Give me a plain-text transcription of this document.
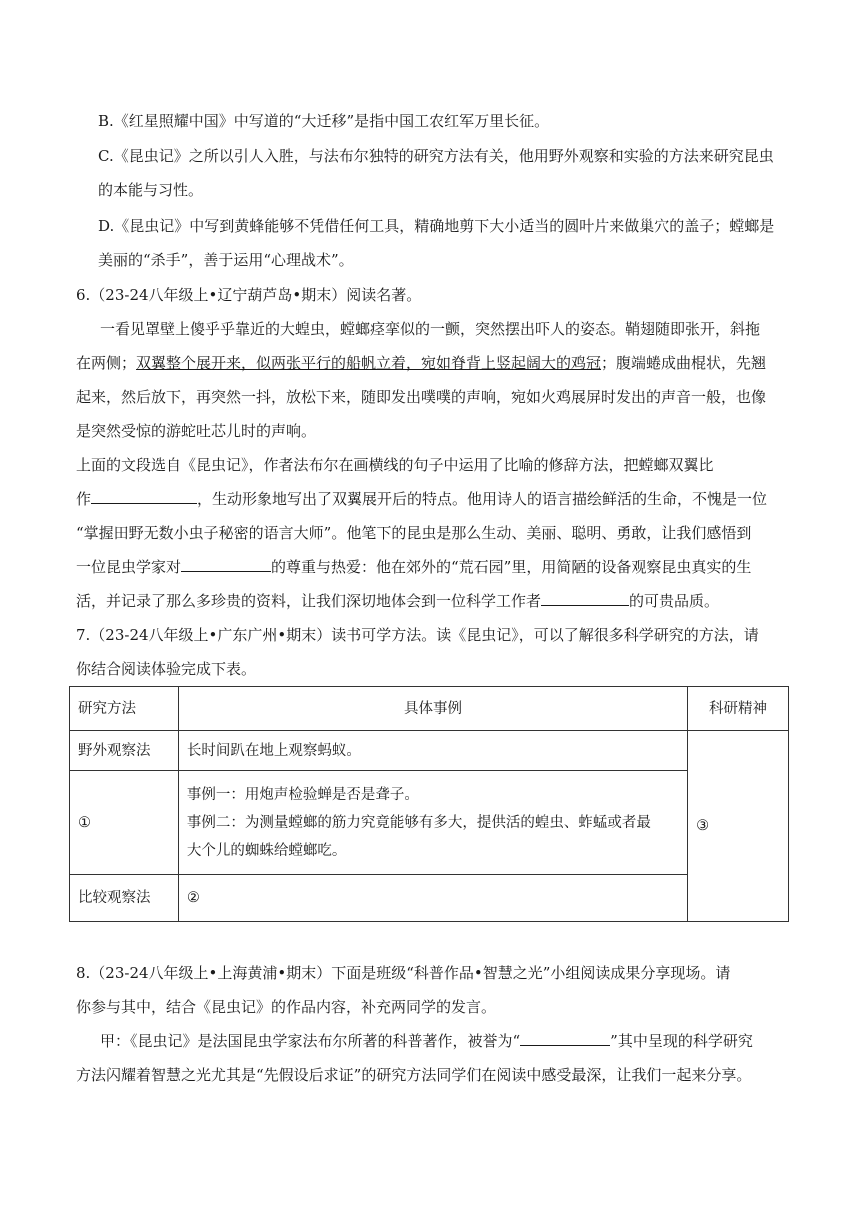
B.《红星照耀中国》中写道的“大迁移”是指中国工农红军万里长征。
C.《昆虫记》之所以引人入胜，与法布尔独特的研究方法有关，他用野外观察和实验的方法来研究昆虫
的本能与习性。
D.《昆虫记》中写到黄蜂能够不凭借任何工具，精确地剪下大小适当的圆叶片来做巢穴的盖子；螳螂是
美丽的“杀手”，善于运用“心理战术”。
6.（23-24八年级上•辽宁葫芦岛•期末）阅读名著。
一看见罩壁上傻乎乎靠近的大蝗虫，螳螂痉挛似的一颤，突然摆出吓人的姿态。鞘翅随即张开，斜拖
在两侧；双翼整个展开来，似两张平行的船帆立着，宛如脊背上竖起阔大的鸡冠；腹端蜷成曲棍状，先翘
起来，然后放下，再突然一抖，放松下来，随即发出噗噗的声响，宛如火鸡展屏时发出的声音一般，也像
是突然受惊的游蛇吐芯儿时的声响。
上面的文段选自《昆虫记》，作者法布尔在画横线的句子中运用了比喻的修辞方法，把螳螂双翼比
作	，生动形象地写出了双翼展开后的特点。他用诗人的语言描绘鲜活的生命，不愧是一位
“掌握田野无数小虫子秘密的语言大师”。他笔下的昆虫是那么生动、美丽、聪明、勇敢，让我们感悟到
一位昆虫学家对	的尊重与热爱：他在郊外的“荒石园”里，用简陋的设备观察昆虫真实的生
活，并记录了那么多珍贵的资料，让我们深切地体会到一位科学工作者	的可贵品质。
7.（23-24八年级上•广东广州•期末）读书可学方法。读《昆虫记》，可以了解很多科学研究的方法，请
你结合阅读体验完成下表。
研究方法	具体事例	科研精神
野外观察法	长时间趴在地上观察蚂蚁。	③
①	事例一：用炮声检验蝉是否是聋子。
事例二：为测量螳螂的筋力究竟能够有多大，提供活的蝗虫、蚱蜢或者最
大个儿的蜘蛛给螳螂吃。	

比较观察法	②	
8.（23-24八年级上•上海黄浦•期末）下面是班级“科普作品•智慧之光”小组阅读成果分享现场。请
你参与其中，结合《昆虫记》的作品内容，补充两同学的发言。
甲：《昆虫记》是法国昆虫学家法布尔所著的科普著作，被誉为“	”其中呈现的科学研究
方法闪耀着智慧之光尤其是“先假设后求证”的研究方法同学们在阅读中感受最深，让我们一起来分享。
